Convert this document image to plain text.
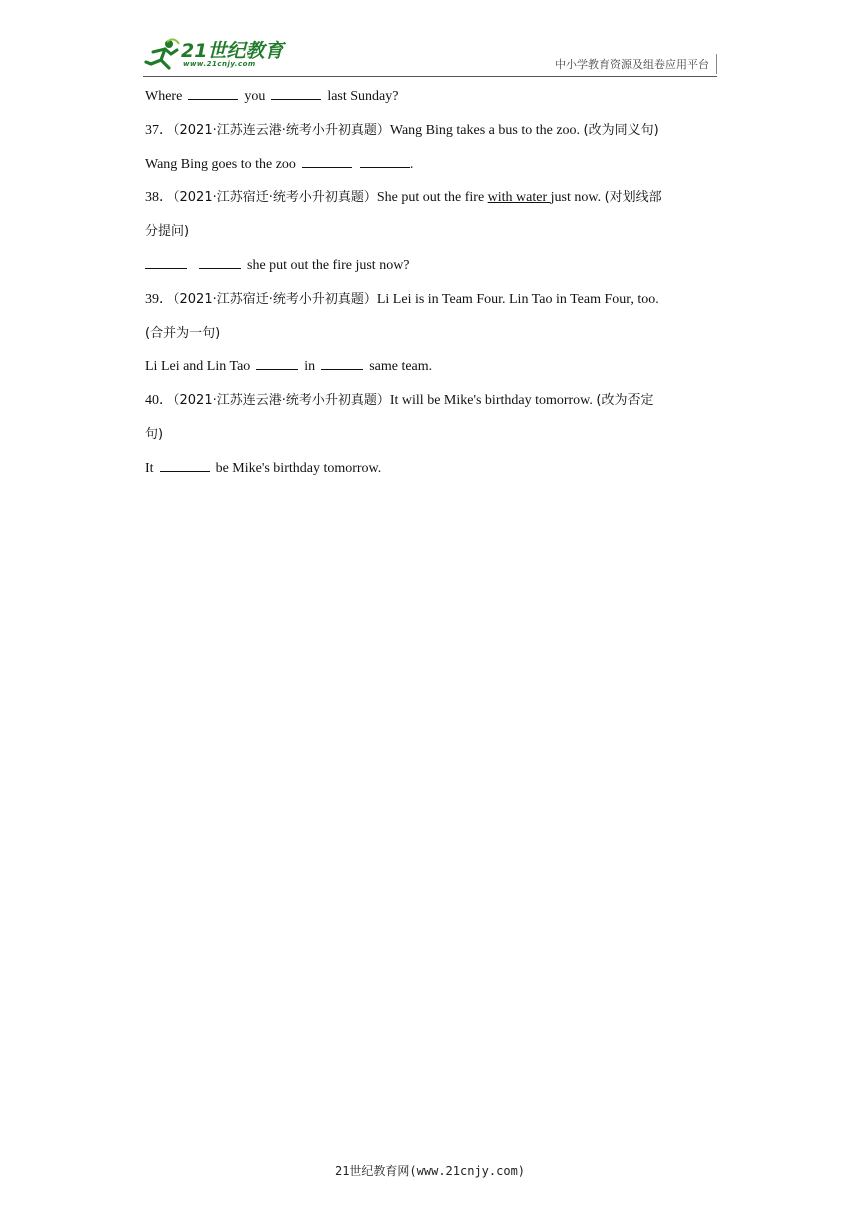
21世纪教育
www.21cnjy.com	中小学教育资源及组卷应用平台
Where	you	last Sunday?
37．（2021·江苏连云港·统考小升初真题）Wang Bing takes a bus to the zoo. (改为同义句)
Wang Bing goes to the zoo	.
38．（2021·江苏宿迁·统考小升初真题）She put out the fire with water just now. (对划线部
分提问)
she put out the fire just now?
39．（2021·江苏宿迁·统考小升初真题）Li Lei is in Team Four. Lin Tao in Team Four, too.
(合并为一句)
Li Lei and Lin Tao	in	same team.
40．（2021·江苏连云港·统考小升初真题）It will be Mike's birthday tomorrow. (改为否定
句)
It	be Mike's birthday tomorrow.
21世纪教育网(www.21cnjy.com)
